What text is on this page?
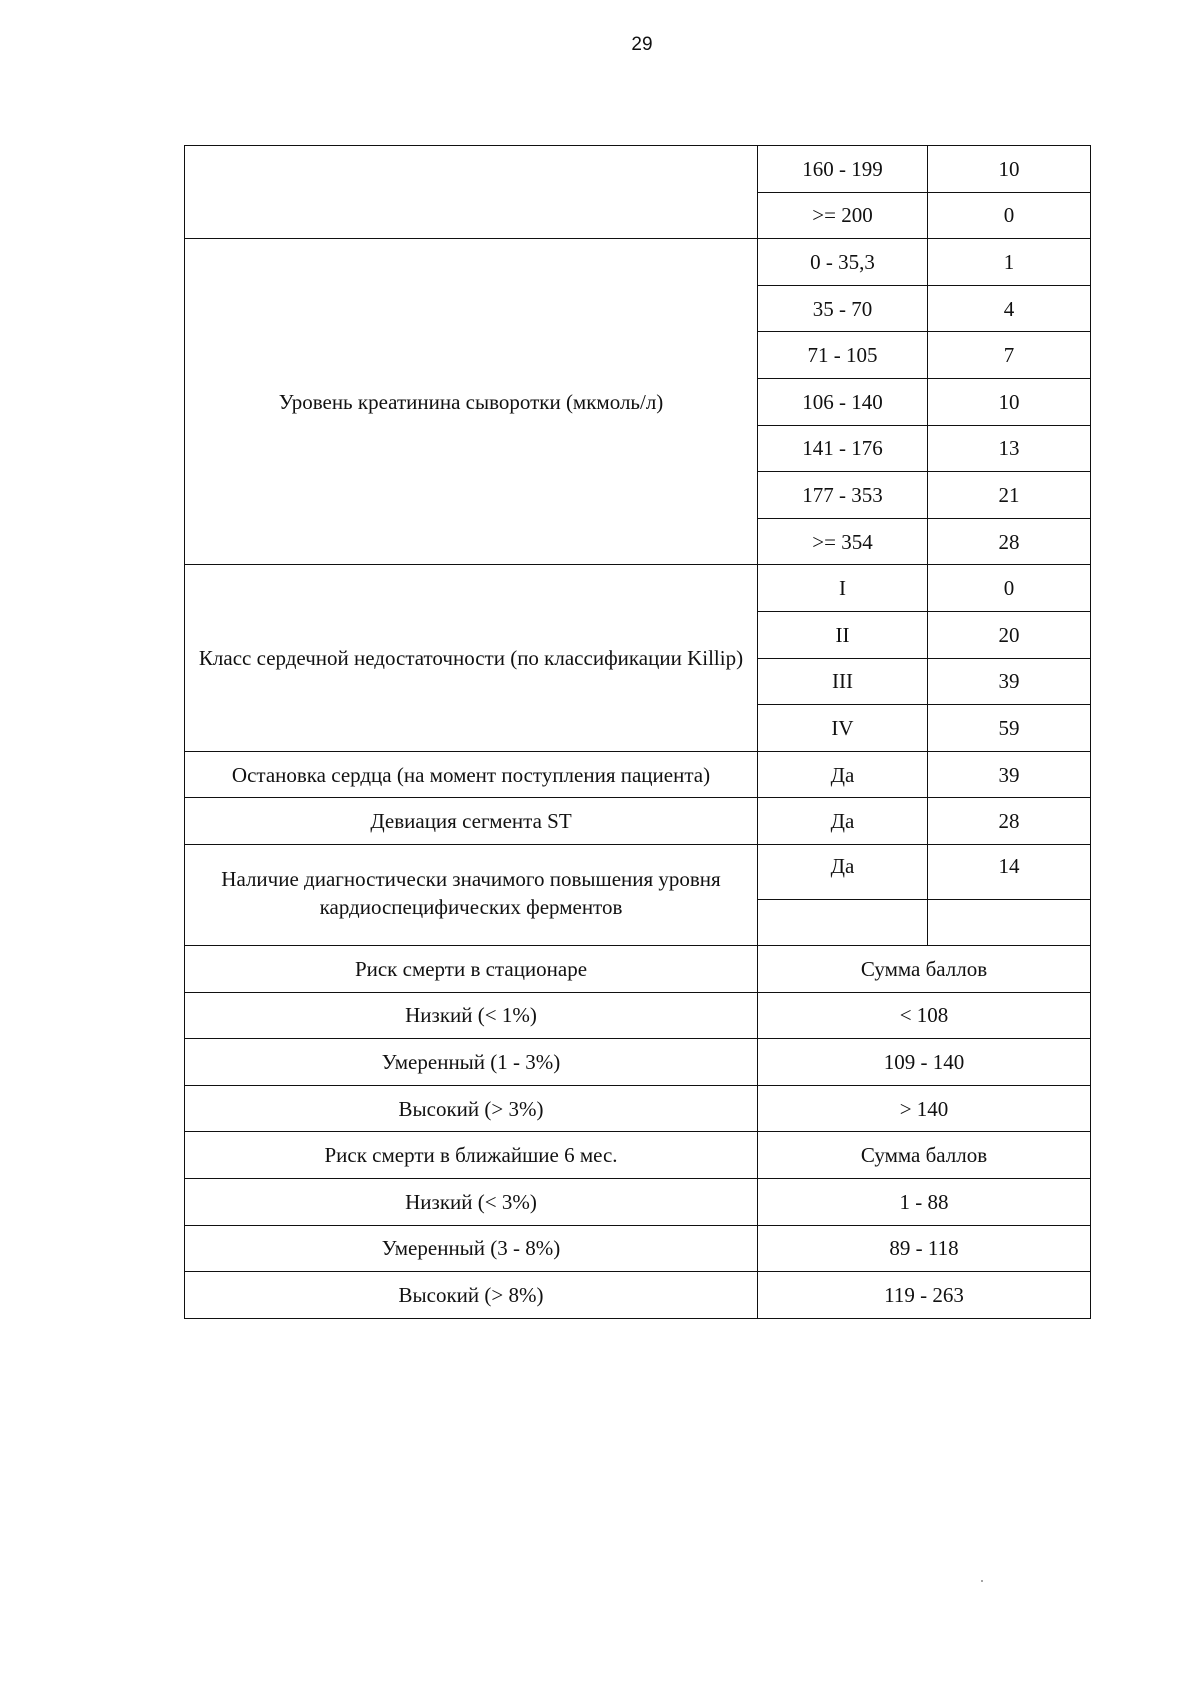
29
	160 - 199	10
	>= 200	0
Уровень креатинина сыворотки (мкмоль/л)	0 - 35,3	1
	35 - 70	4
	71 - 105	7
	106 - 140	10
	141 - 176	13
	177 - 353	21
	>= 354	28
Класс сердечной недостаточности (по классификации Killip)	I	0
	II	20
	III	39
	IV	59
Остановка сердца (на момент поступления пациента)	Да	39
Девиация сегмента ST	Да	28
Наличие диагностически значимого повышения уровня кардиоспецифических ферментов	Да	14

Риск смерти в стационаре	Сумма баллов	
Низкий (< 1%)	< 108	
Умеренный (1 - 3%)	109 - 140	
Высокий (> 3%)	> 140	
Риск смерти в ближайшие 6 мес.	Сумма баллов	
Низкий (< 3%)	1 - 88	
Умеренный (3 - 8%)	89 - 118	
Высокий (> 8%)	119 - 263	
